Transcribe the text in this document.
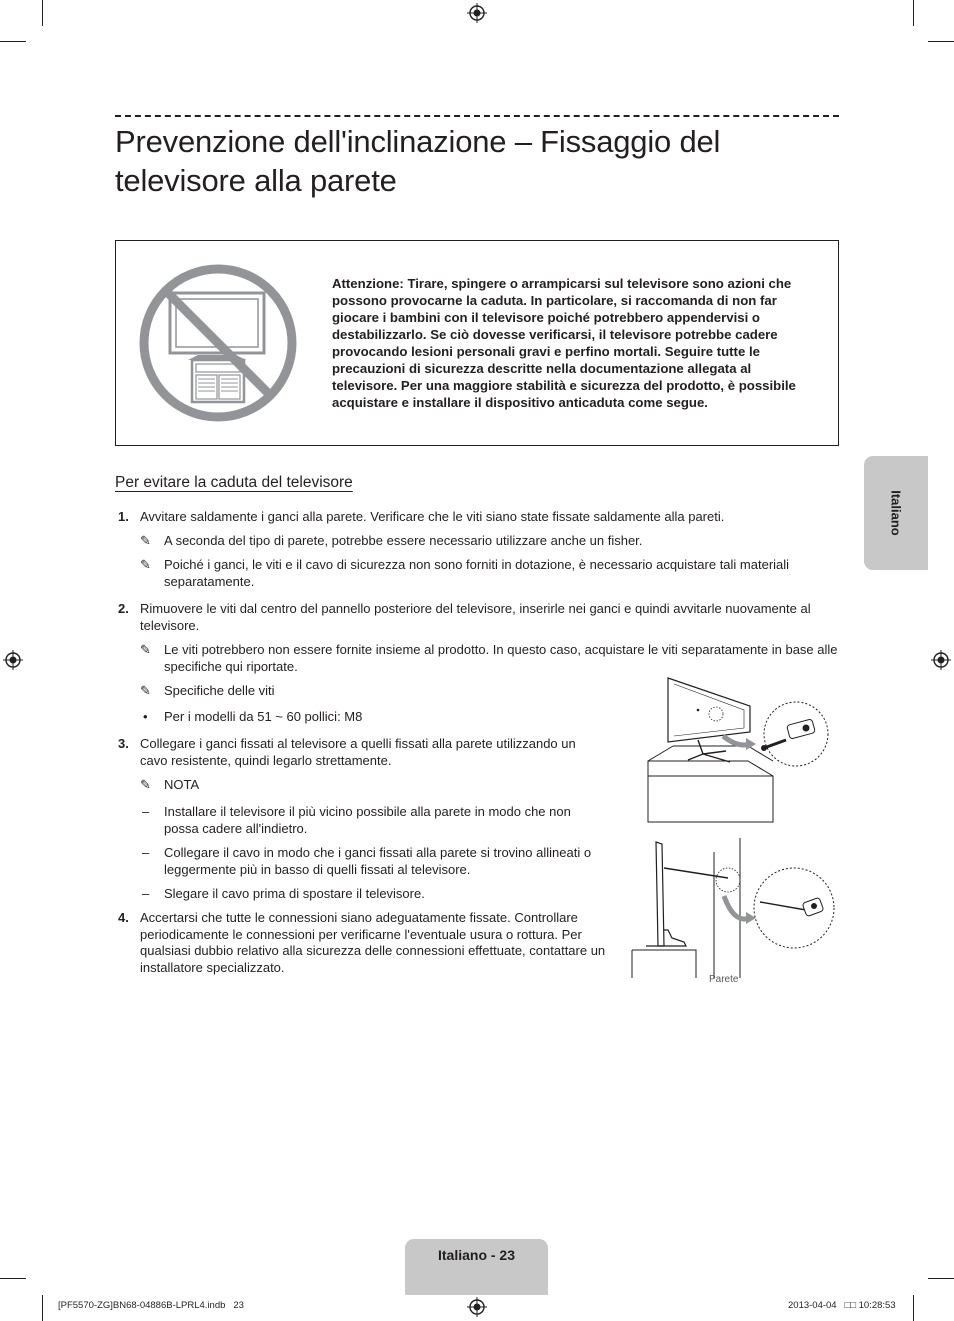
Prevenzione dell'inclinazione – Fissaggio del televisore alla parete

Attenzione: Tirare, spingere o arrampicarsi sul televisore sono azioni che possono provocarne la caduta. In particolare, si raccomanda di non far giocare i bambini con il televisore poiché potrebbero appendervisi o destabilizzarlo. Se ciò dovesse verificarsi, il televisore potrebbe cadere provocando lesioni personali gravi e perfino mortali. Seguire tutte le precauzioni di sicurezza descritte nella documentazione allegata al televisore. Per una maggiore stabilità e sicurezza del prodotto, è possibile acquistare e installare il dispositivo anticaduta come segue.

Per evitare la caduta del televisore
1. Avvitare saldamente i ganci alla parete. Verificare che le viti siano state fissate saldamente alla pareti.

✎ A seconda del tipo di parete, potrebbe essere necessario utilizzare anche un fisher.

✎ Poiché i ganci, le viti e il cavo di sicurezza non sono forniti in dotazione, è necessario acquistare tali materiali separatamente.

2. Rimuovere le viti dal centro del pannello posteriore del televisore, inserirle nei ganci e quindi avvitarle nuovamente al televisore.

✎ Le viti potrebbero non essere fornite insieme al prodotto. In questo caso, acquistare le viti separatamente in base alle specifiche qui riportate.

✎ Specifiche delle viti

• Per i modelli da 51 ~ 60 pollici: M8

3. Collegare i ganci fissati al televisore a quelli fissati alla parete utilizzando un cavo resistente, quindi legarlo strettamente.

✎ NOTA

– Installare il televisore il più vicino possibile alla parete in modo che non possa cadere all'indietro.

– Collegare il cavo in modo che i ganci fissati alla parete si trovino allineati o leggermente più in basso di quelli fissati al televisore.

– Slegare il cavo prima di spostare il televisore.

4. Accertarsi che tutte le connessioni siano adeguatamente fissate. Controllare periodicamente le connessioni per verificarne l'eventuale usura o rottura. Per qualsiasi dubbio relativo alla sicurezza delle connessioni effettuate, contattare un installatore specializzato.

Parete
Italiano
Italiano - 23
[PF5570-ZG]BN68-04886B-LPRL4.indb   23	2013-04-04   □□ 10:28:53
